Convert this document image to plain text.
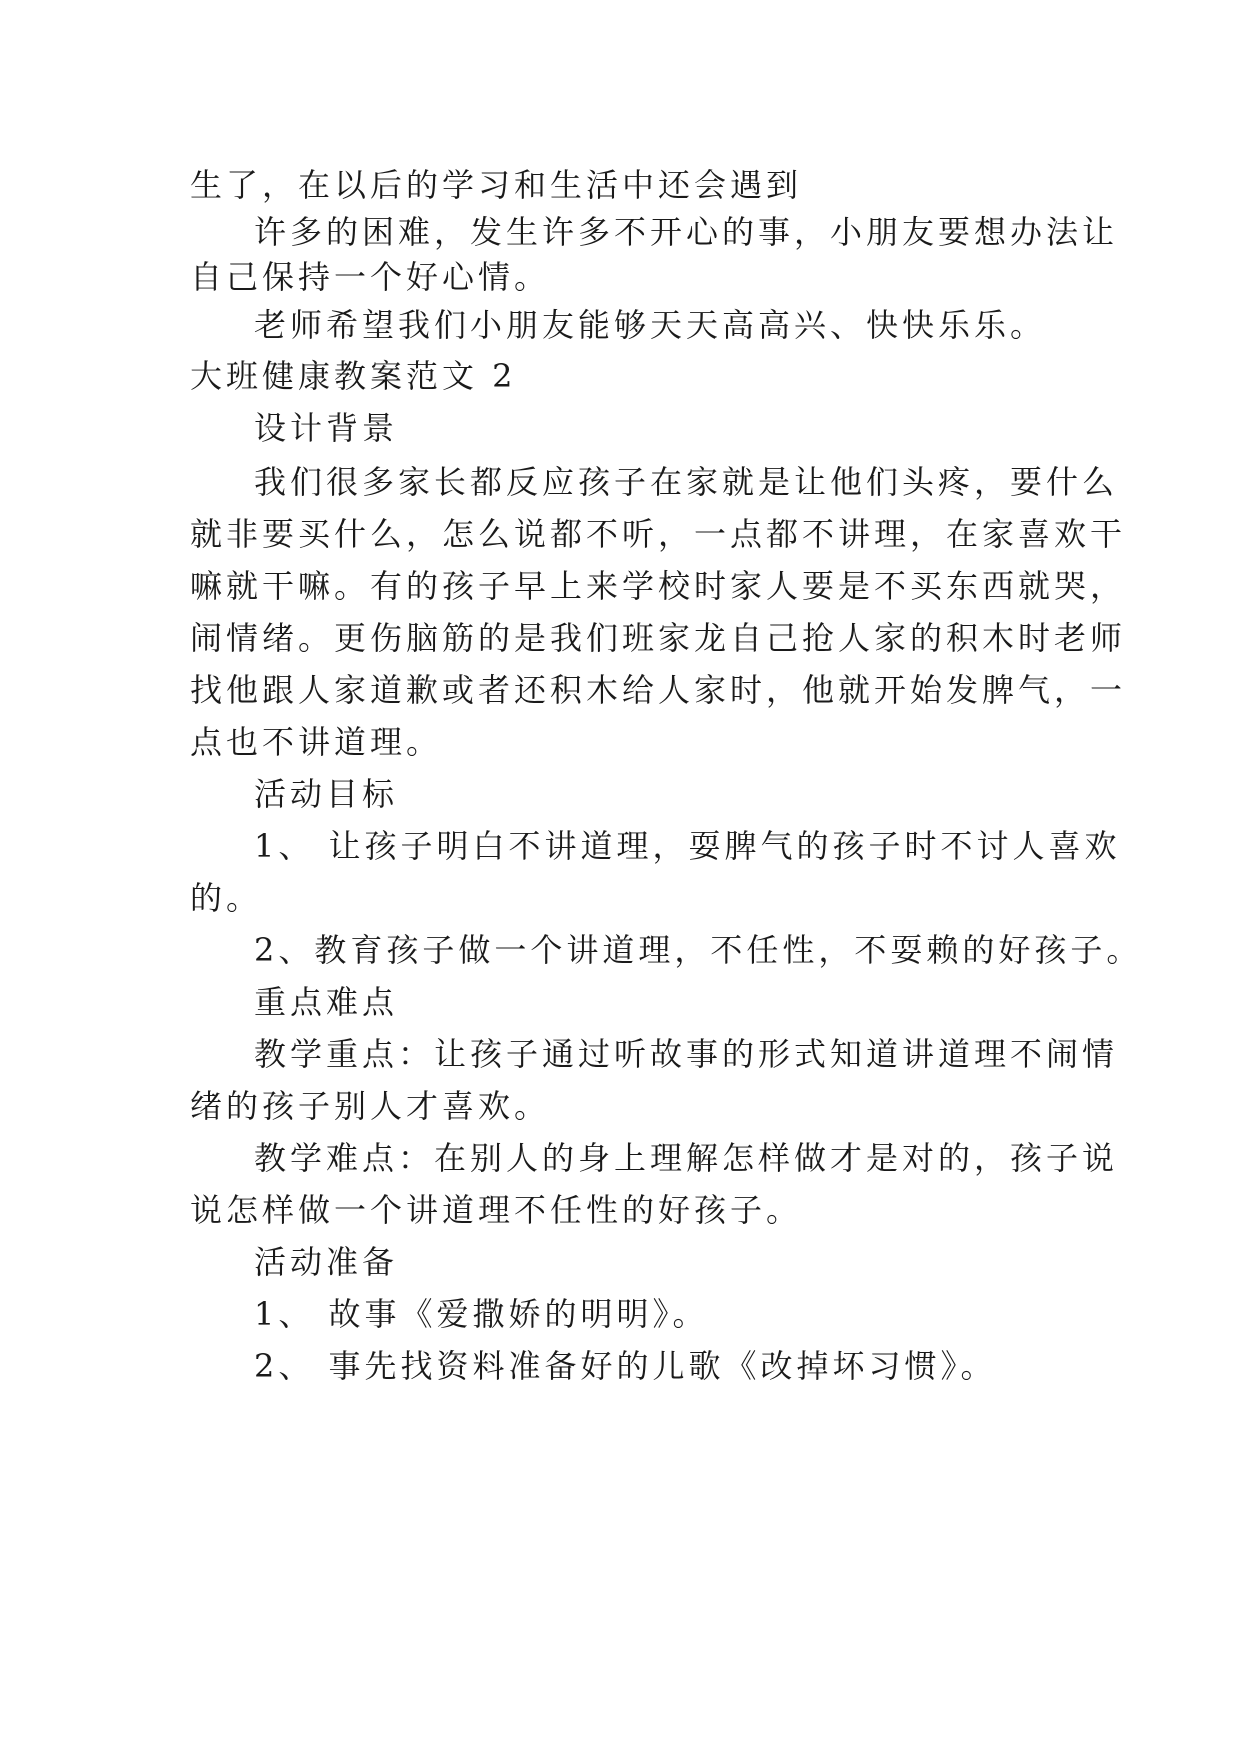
生了，在以后的学习和生活中还会遇到
许多的困难，发生许多不开心的事，小朋友要想办法让
自己保持一个好心情。
老师希望我们小朋友能够天天高高兴、快快乐乐。
大班健康教案范文 2
设计背景
我们很多家长都反应孩子在家就是让他们头疼，要什么
就非要买什么，怎么说都不听，一点都不讲理，在家喜欢干
嘛就干嘛。有的孩子早上来学校时家人要是不买东西就哭，
闹情绪。更伤脑筋的是我们班家龙自己抢人家的积木时老师
找他跟人家道歉或者还积木给人家时，他就开始发脾气，一
点也不讲道理。
活动目标
1、 让孩子明白不讲道理，耍脾气的孩子时不讨人喜欢
的。
2、教育孩子做一个讲道理，不任性，不耍赖的好孩子。
重点难点
教学重点：让孩子通过听故事的形式知道讲道理不闹情
绪的孩子别人才喜欢。
教学难点：在别人的身上理解怎样做才是对的，孩子说
说怎样做一个讲道理不任性的好孩子。
活动准备
1、 故事《爱撒娇的明明》。
2、 事先找资料准备好的儿歌《改掉坏习惯》。
